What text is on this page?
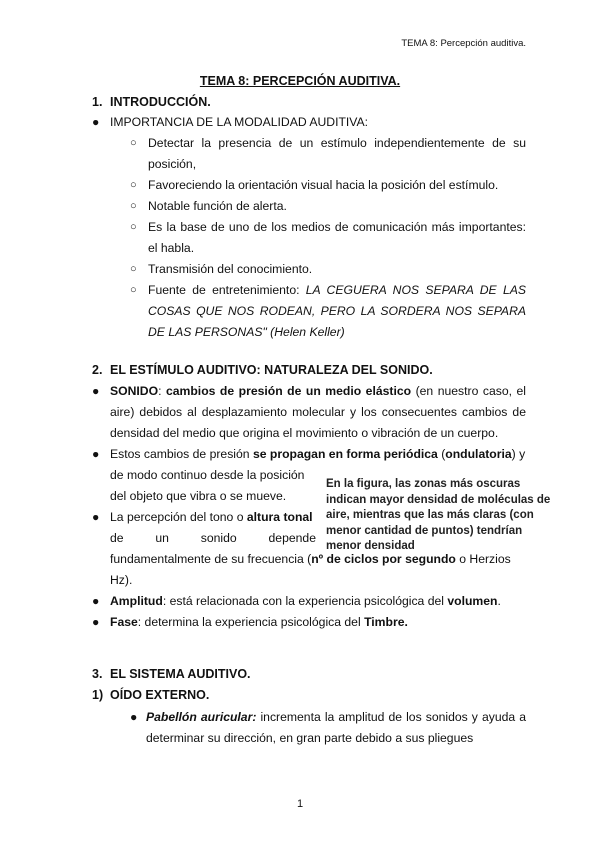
TEMA 8: Percepción auditiva.
TEMA 8: PERCEPCIÓN AUDITIVA.
1. INTRODUCCIÓN.
● IMPORTANCIA DE LA MODALIDAD AUDITIVA:
○ Detectar la presencia de un estímulo independientemente de su posición,
○ Favoreciendo la orientación visual hacia la posición del estímulo.
○ Notable función de alerta.
○ Es la base de uno de los medios de comunicación más importantes: el habla.
○ Transmisión del conocimiento.
○ Fuente de entretenimiento: LA CEGUERA NOS SEPARA DE LAS COSAS QUE NOS RODEAN, PERO LA SORDERA NOS SEPARA DE LAS PERSONAS" (Helen Keller)
2. EL ESTÍMULO AUDITIVO: NATURALEZA DEL SONIDO.
● SONIDO: cambios de presión de un medio elástico (en nuestro caso, el aire) debidos al desplazamiento molecular y los consecuentes cambios de densidad del medio que origina el movimiento o vibración de un cuerpo.
● Estos cambios de presión se propagan en forma periódica (ondulatoria) y
de modo continuo desde la posición
del objeto que vibra o se mueve.
En la figura, las zonas más oscuras indican mayor densidad de moléculas de aire, mientras que las más claras (con menor cantidad de puntos) tendrían menor densidad
● La percepción del tono o altura tonal
de	un	sonido	depende
fundamentalmente de su frecuencia (nº de ciclos por segundo o Herzios
Hz).
● Amplitud: está relacionada con la experiencia psicológica del volumen.
● Fase: determina la experiencia psicológica del Timbre.
3. EL SISTEMA AUDITIVO.
1) OÍDO EXTERNO.
● Pabellón auricular: incrementa la amplitud de los sonidos y ayuda a determinar su dirección, en gran parte debido a sus pliegues
1
